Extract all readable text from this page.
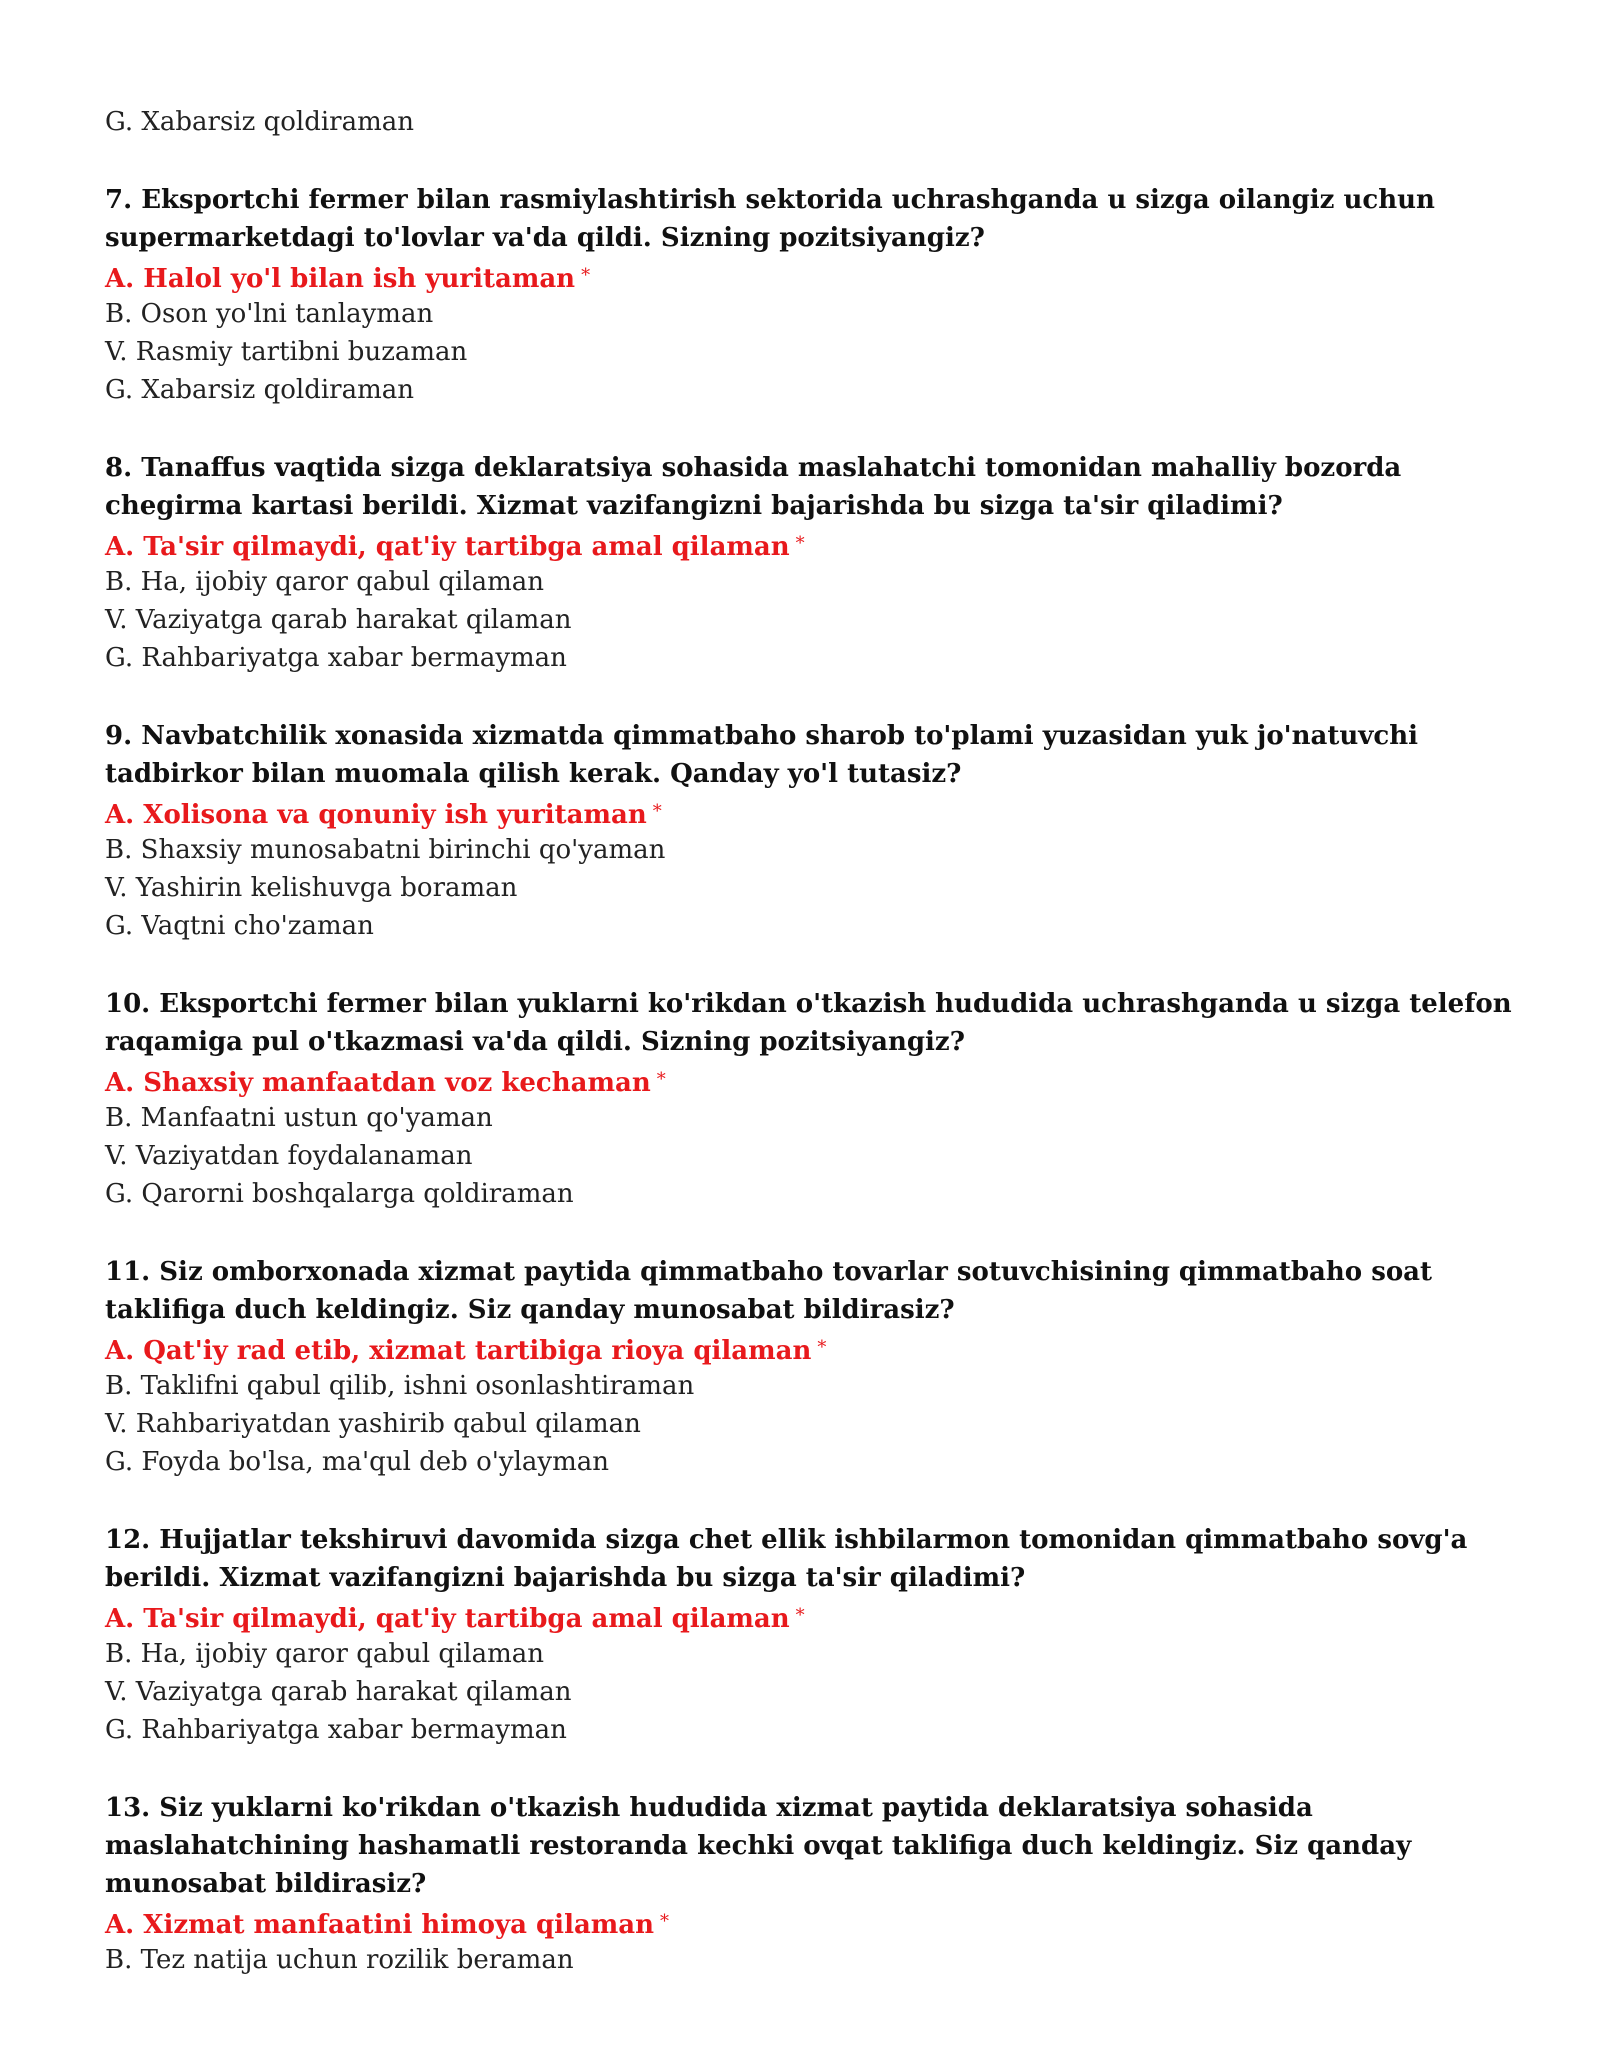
G. Xabarsiz qoldiraman
7. Eksportchi fermer bilan rasmiylashtirish sektorida uchrashganda u sizga oilangiz uchun supermarketdagi to'lovlar va'da qildi. Sizning pozitsiyangiz?
A. Halol yo'l bilan ish yuritaman *
B. Oson yo'lni tanlayman
V. Rasmiy tartibni buzaman
G. Xabarsiz qoldiraman
8. Tanaffus vaqtida sizga deklaratsiya sohasida maslahatchi tomonidan mahalliy bozorda chegirma kartasi berildi. Xizmat vazifangizni bajarishda bu sizga ta'sir qiladimi?
A. Ta'sir qilmaydi, qat'iy tartibga amal qilaman *
B. Ha, ijobiy qaror qabul qilaman
V. Vaziyatga qarab harakat qilaman
G. Rahbariyatga xabar bermayman
9. Navbatchilik xonasida xizmatda qimmatbaho sharob to'plami yuzasidan yuk jo'natuvchi tadbirkor bilan muomala qilish kerak. Qanday yo'l tutasiz?
A. Xolisona va qonuniy ish yuritaman *
B. Shaxsiy munosabatni birinchi qo'yaman
V. Yashirin kelishuvga boraman
G. Vaqtni cho'zaman
10. Eksportchi fermer bilan yuklarni ko'rikdan o'tkazish hududida uchrashganda u sizga telefon raqamiga pul o'tkazmasi va'da qildi. Sizning pozitsiyangiz?
A. Shaxsiy manfaatdan voz kechaman *
B. Manfaatni ustun qo'yaman
V. Vaziyatdan foydalanaman
G. Qarorni boshqalarga qoldiraman
11. Siz omborxonada xizmat paytida qimmatbaho tovarlar sotuvchisining qimmatbaho soat taklifiga duch keldingiz. Siz qanday munosabat bildirasiz?
A. Qat'iy rad etib, xizmat tartibiga rioya qilaman *
B. Taklifni qabul qilib, ishni osonlashtiraman
V. Rahbariyatdan yashirib qabul qilaman
G. Foyda bo'lsa, ma'qul deb o'ylayman
12. Hujjatlar tekshiruvi davomida sizga chet ellik ishbilarmon tomonidan qimmatbaho sovg'a berildi. Xizmat vazifangizni bajarishda bu sizga ta'sir qiladimi?
A. Ta'sir qilmaydi, qat'iy tartibga amal qilaman *
B. Ha, ijobiy qaror qabul qilaman
V. Vaziyatga qarab harakat qilaman
G. Rahbariyatga xabar bermayman
13. Siz yuklarni ko'rikdan o'tkazish hududida xizmat paytida deklaratsiya sohasida maslahatchining hashamatli restoranda kechki ovqat taklifiga duch keldingiz. Siz qanday munosabat bildirasiz?
A. Xizmat manfaatini himoya qilaman *
B. Tez natija uchun rozilik beraman
